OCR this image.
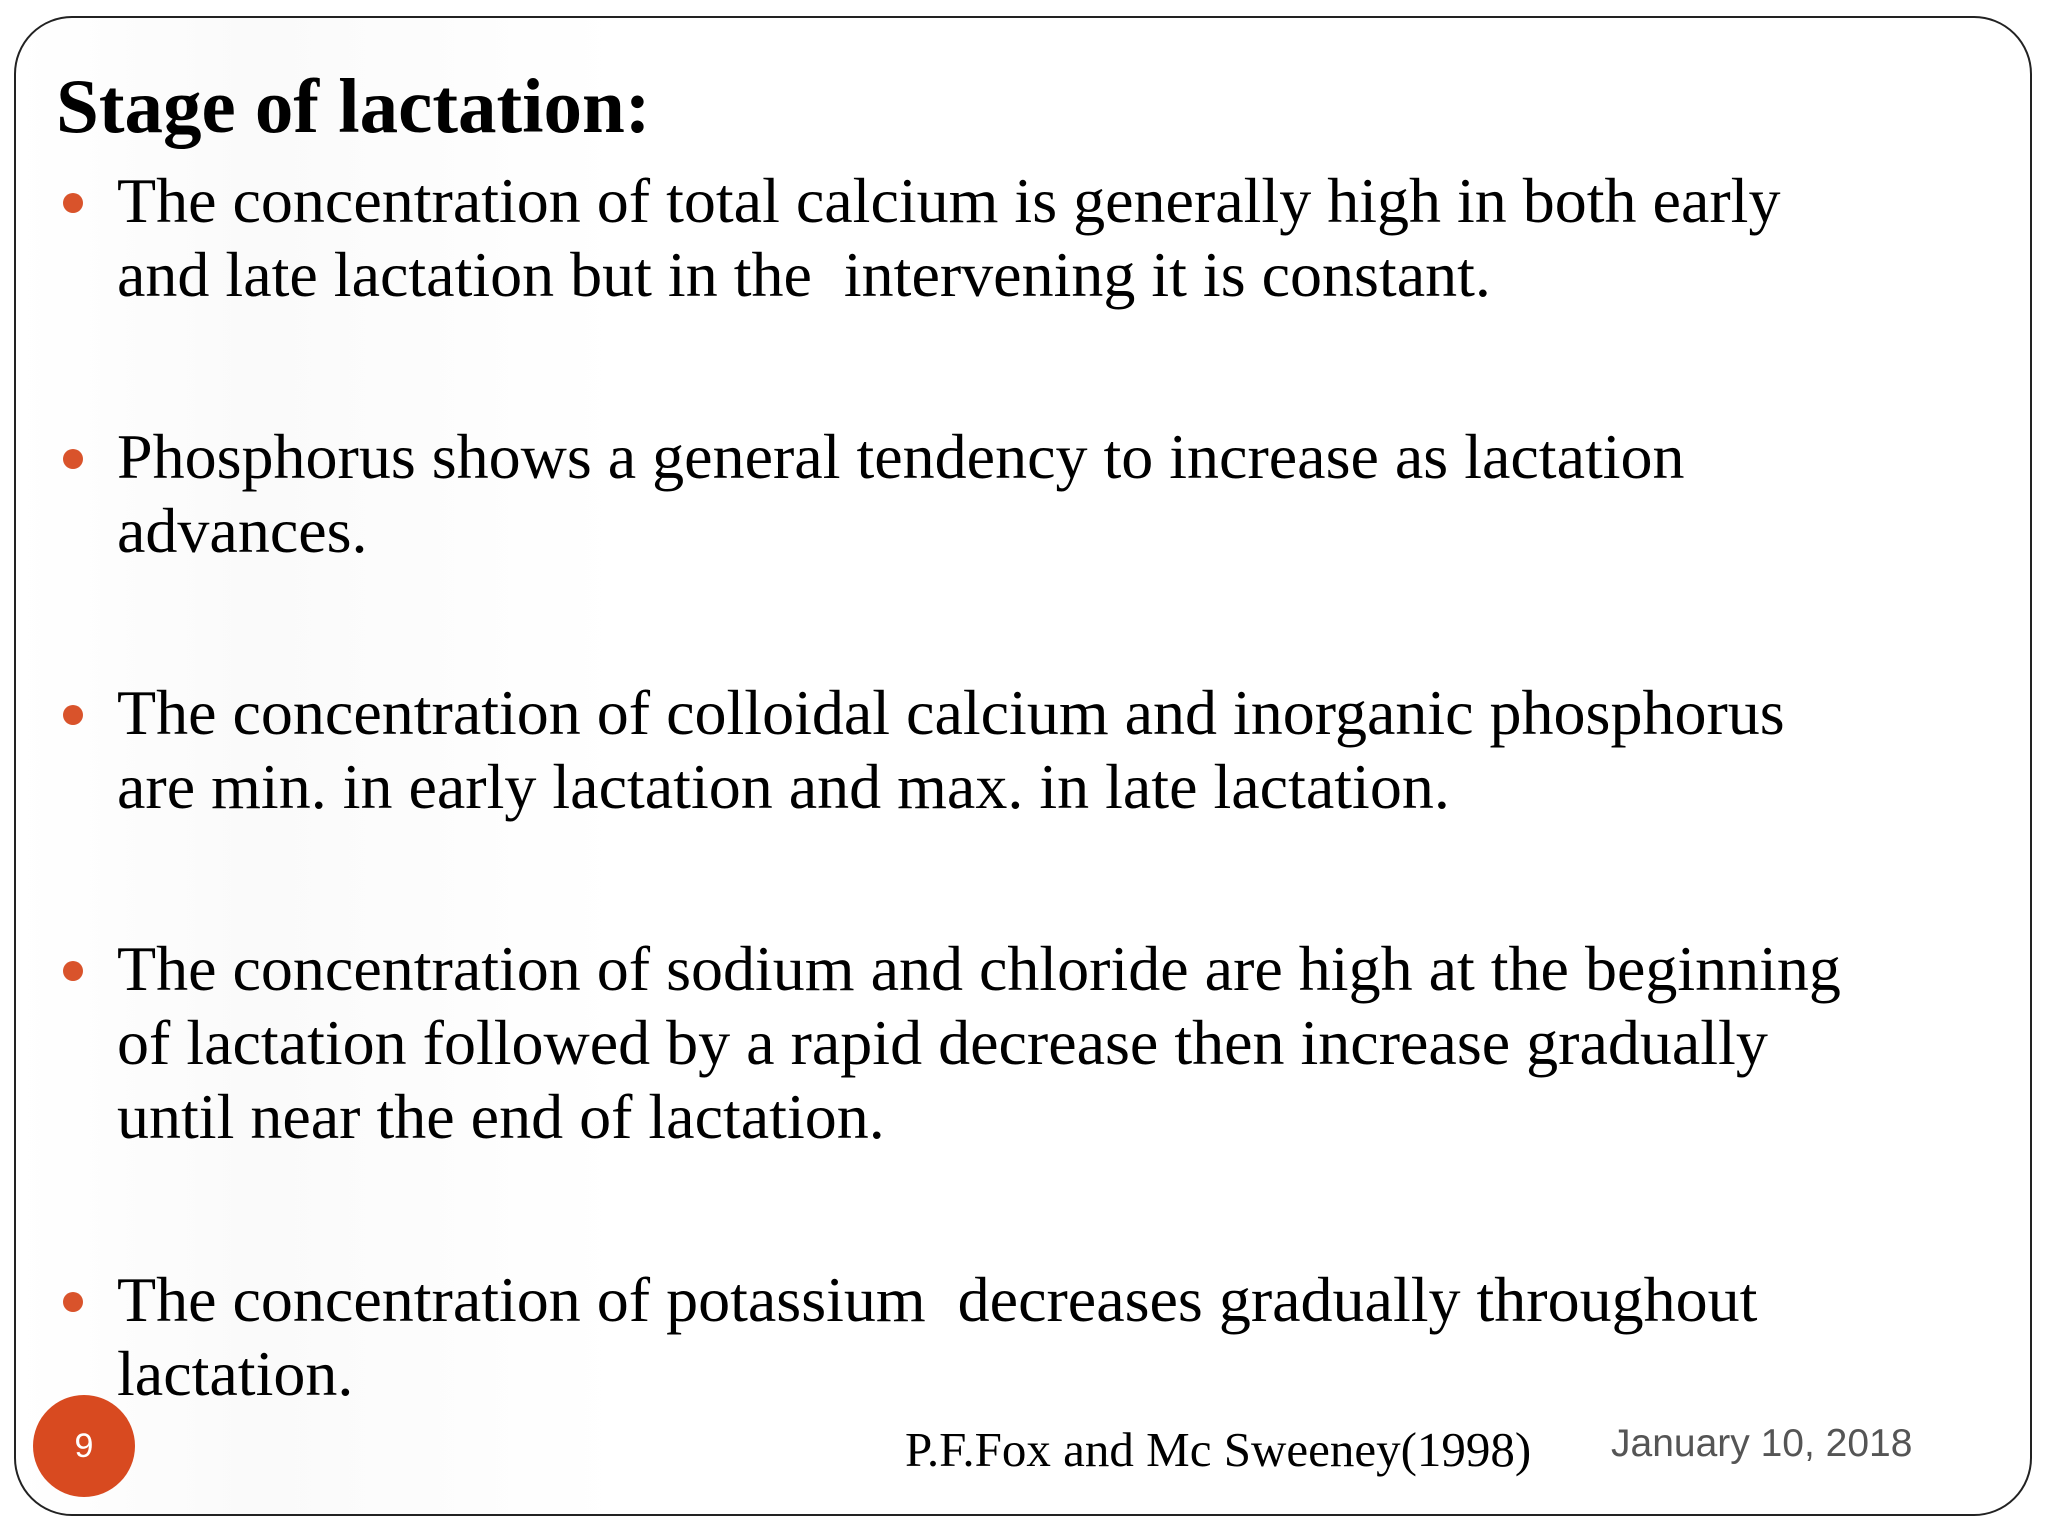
Stage of lactation:

The concentration of total calcium is generally high in both early
and late lactation but in the  intervening it is constant.

Phosphorus shows a general tendency to increase as lactation
advances.

The concentration of colloidal calcium and inorganic phosphorus
are min. in early lactation and max. in late lactation.

The concentration of sodium and chloride are high at the beginning
of lactation followed by a rapid decrease then increase gradually
until near the end of lactation.

The concentration of potassium  decreases gradually throughout
lactation.

9	P.F.Fox and Mc Sweeney(1998) January 10, 2018
